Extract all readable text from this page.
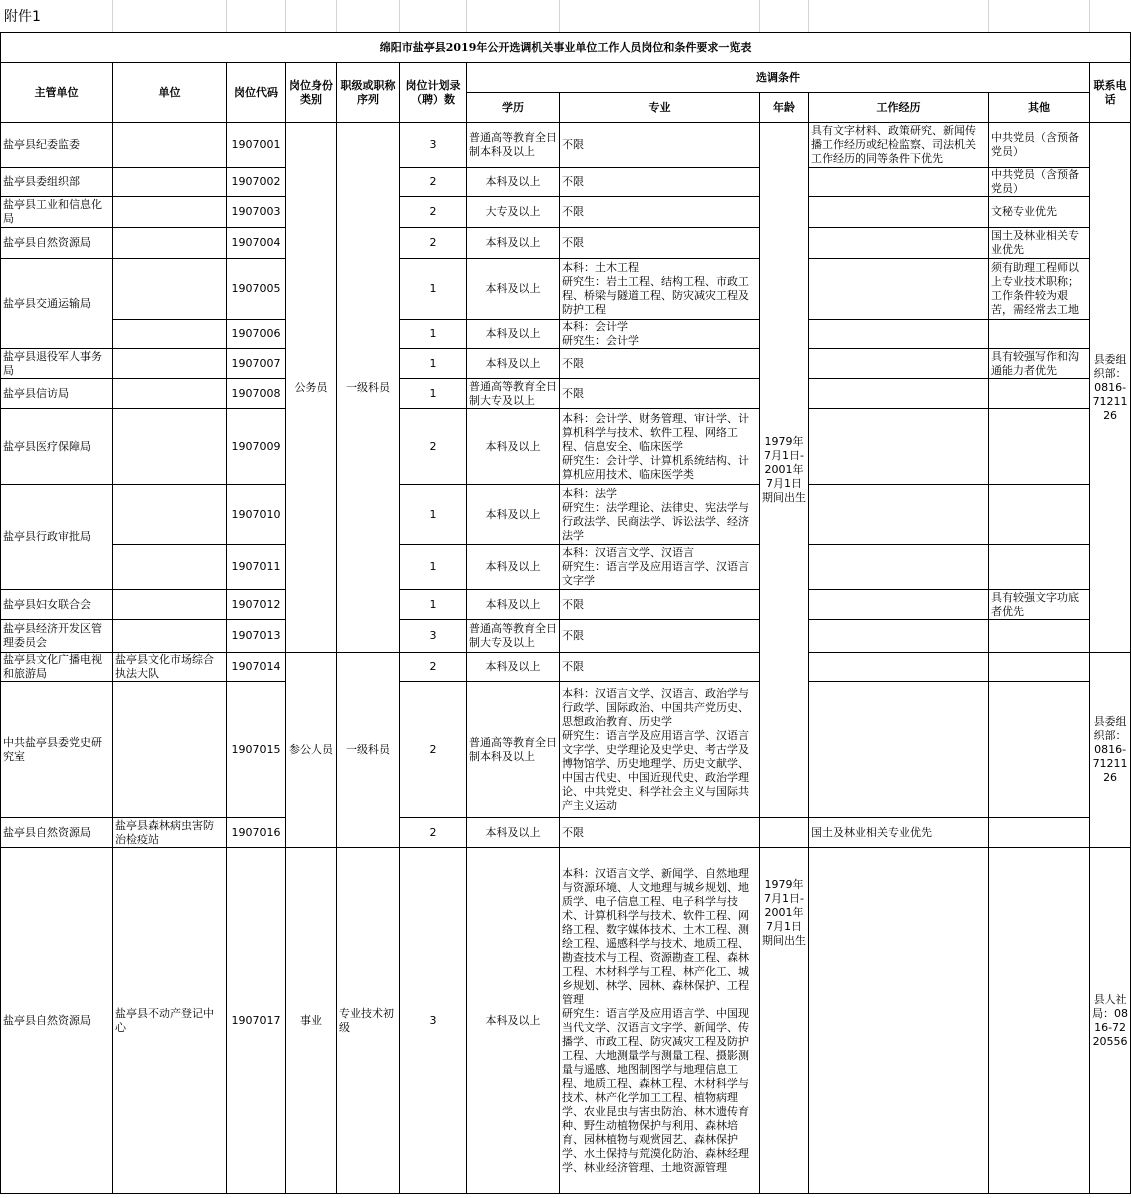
附件1
绵阳市盐亭县2019年公开选调机关事业单位工作人员岗位和条件要求一览表											
主管单位	单位	岗位代码	岗位身份类别	职级或职称序列	岗位计划录（聘）数	选调条件					联系电话
						学历	专业	年龄	工作经历	其他	
盐亭县纪委监委		1907001	公务员	一级科员	3	普通高等教育全日制本科及以上	不限	1979年7月1日-2001年7月1日期间出生	具有文字材料、政策研究、新闻传播工作经历或纪检监察、司法机关工作经历的同等条件下优先	中共党员（含预备党员）	县委组织部：0816-7121126
盐亭县委组织部		1907002			2	本科及以上	不限			中共党员（含预备党员）	
盐亭县工业和信息化局		1907003			2	大专及以上	不限			文秘专业优先	
盐亭县自然资源局		1907004			2	本科及以上	不限			国土及林业相关专业优先	
盐亭县交通运输局		1907005			1	本科及以上	本科：土木工程
研究生：岩土工程、结构工程、市政工程、桥梁与隧道工程、防灾减灾工程及防护工程			须有助理工程师以上专业技术职称；工作条件较为艰苦，需经常去工地	
		1907006			1	本科及以上	本科：会计学
研究生：会计学				
盐亭县退役军人事务局		1907007			1	本科及以上	不限			具有较强写作和沟通能力者优先	
盐亭县信访局		1907008			1	普通高等教育全日制大专及以上	不限				
盐亭县医疗保障局		1907009			2	本科及以上	本科：会计学、财务管理、审计学、计算机科学与技术、软件工程、网络工程、信息安全、临床医学
研究生：会计学、计算机系统结构、计算机应用技术、临床医学类				
盐亭县行政审批局		1907010			1	本科及以上	本科：法学
研究生：法学理论、法律史、宪法学与行政法学、民商法学、诉讼法学、经济法学				
		1907011			1	本科及以上	本科：汉语言文学、汉语言
研究生：语言学及应用语言学、汉语言文字学				
盐亭县妇女联合会		1907012			1	本科及以上	不限			具有较强文字功底者优先	
盐亭县经济开发区管理委员会		1907013			3	普通高等教育全日制大专及以上	不限				
盐亭县文化广播电视和旅游局	盐亭县文化市场综合执法大队	1907014	参公人员	一级科员	2	本科及以上	不限				县委组织部：0816-7121126
中共盐亭县委党史研究室		1907015			2	普通高等教育全日制本科及以上	本科：汉语言文学、汉语言、政治学与行政学、国际政治、中国共产党历史、思想政治教育、历史学
研究生：语言学及应用语言学、汉语言文字学、史学理论及史学史、考古学及博物馆学、历史地理学、历史文献学、中国古代史、中国近现代史、政治学理论、中共党史、科学社会主义与国际共产主义运动				
盐亭县自然资源局	盐亭县森林病虫害防治检疫站	1907016			2	本科及以上	不限		国土及林业相关专业优先		
盐亭县自然资源局	盐亭县不动产登记中心	1907017	事业	专业技术初级	3	本科及以上	本科：汉语言文学、新闻学、自然地理与资源环境、人文地理与城乡规划、地质学、电子信息工程、电子科学与技术、计算机科学与技术、软件工程、网络工程、数字媒体技术、土木工程、测绘工程、遥感科学与技术、地质工程、勘查技术与工程、资源勘查工程、森林工程、木材科学与工程、林产化工、城乡规划、林学、园林、森林保护、工程管理
研究生：语言学及应用语言学、中国现当代文学、汉语言文字学、新闻学、传播学、市政工程、防灾减灾工程及防护工程、大地测量学与测量工程、摄影测量与遥感、地图制图学与地理信息工程、地质工程、森林工程、木材科学与技术、林产化学加工工程、植物病理学、农业昆虫与害虫防治、林木遗传育种、野生动植物保护与利用、森林培育、园林植物与观赏园艺、森林保护学、水土保持与荒漠化防治、森林经理学、林业经济管理、土地资源管理	1979年7月1日-2001年7月1日期间出生			县人社局：0816-7220556
